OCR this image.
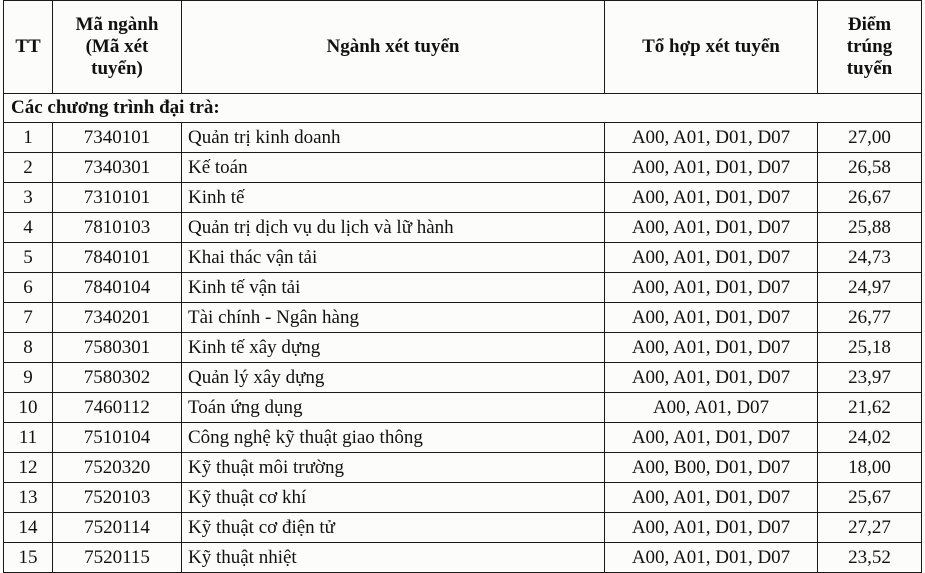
TT	Mã ngành (Mã xét tuyển)	Ngành xét tuyển	Tổ hợp xét tuyển	Điểm trúng tuyển
Các chương trình đại trà:				
1	7340101	Quản trị kinh doanh	A00, A01, D01, D07	27,00
2	7340301	Kế toán	A00, A01, D01, D07	26,58
3	7310101	Kinh tế	A00, A01, D01, D07	26,67
4	7810103	Quản trị dịch vụ du lịch và lữ hành	A00, A01, D01, D07	25,88
5	7840101	Khai thác vận tải	A00, A01, D01, D07	24,73
6	7840104	Kinh tế vận tải	A00, A01, D01, D07	24,97
7	7340201	Tài chính - Ngân hàng	A00, A01, D01, D07	26,77
8	7580301	Kinh tế xây dựng	A00, A01, D01, D07	25,18
9	7580302	Quản lý xây dựng	A00, A01, D01, D07	23,97
10	7460112	Toán ứng dụng	A00, A01, D07	21,62
11	7510104	Công nghệ kỹ thuật giao thông	A00, A01, D01, D07	24,02
12	7520320	Kỹ thuật môi trường	A00, B00, D01, D07	18,00
13	7520103	Kỹ thuật cơ khí	A00, A01, D01, D07	25,67
14	7520114	Kỹ thuật cơ điện tử	A00, A01, D01, D07	27,27
15	7520115	Kỹ thuật nhiệt	A00, A01, D01, D07	23,52
